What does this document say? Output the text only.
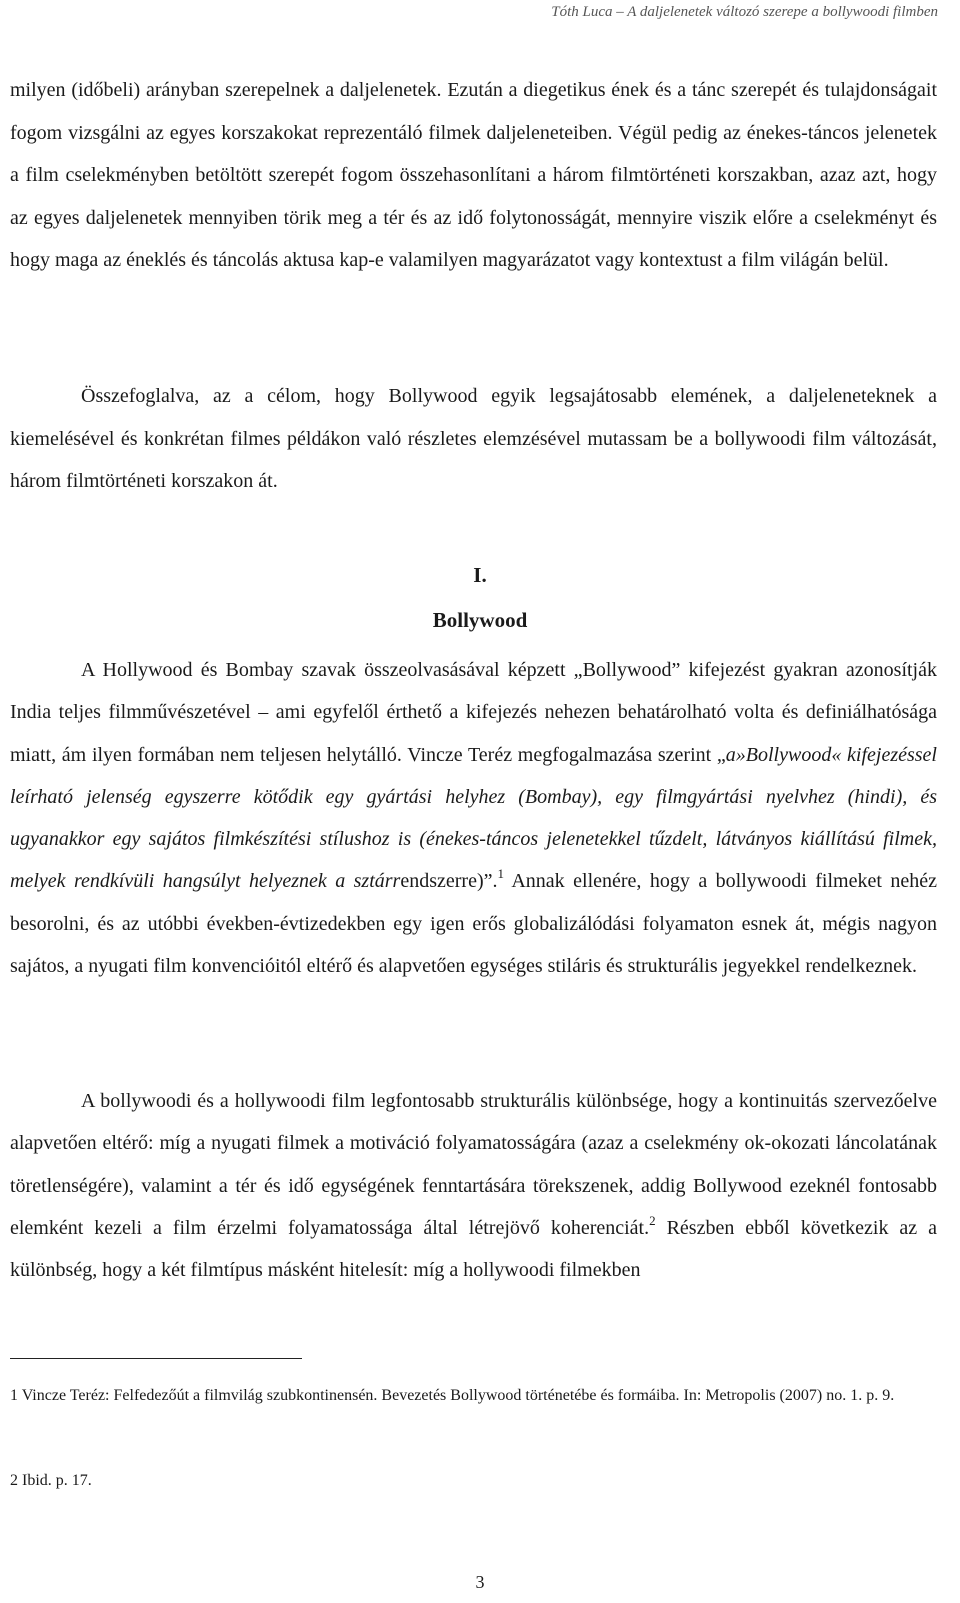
Tóth Luca – A daljelenetek változó szerepe a bollywoodi filmben

milyen (időbeli) arányban szerepelnek a daljelenetek. Ezután a diegetikus ének és a tánc szerepét és tulajdonságait fogom vizsgálni az egyes korszakokat reprezentáló filmek daljeleneteiben. Végül pedig az énekes-táncos jelenetek a film cselekményben betöltött szerepét fogom összehasonlítani a három filmtörténeti korszakban, azaz azt, hogy az egyes daljelenetek mennyiben törik meg a tér és az idő folytonosságát, mennyire viszik előre a cselekményt és hogy maga az éneklés és táncolás aktusa kap-e valamilyen magyarázatot vagy kontextust a film világán belül.

Összefoglalva, az a célom, hogy Bollywood egyik legsajátosabb elemének, a daljeleneteknek a kiemelésével és konkrétan filmes példákon való részletes elemzésével mutassam be a bollywoodi film változását, három filmtörténeti korszakon át.

I.
Bollywood

A Hollywood és Bombay szavak összeolvasásával képzett „Bollywood” kifejezést gyakran azonosítják India teljes filmművészetével – ami egyfelől érthető a kifejezés nehezen behatárolható volta és definiálhatósága miatt, ám ilyen formában nem teljesen helytálló. Vincze Teréz megfogalmazása szerint „a»Bollywood« kifejezéssel leírható jelenség egyszerre kötődik egy gyártási helyhez (Bombay), egy filmgyártási nyelvhez (hindi), és ugyanakkor egy sajátos filmkészítési stílushoz is (énekes-táncos jelenetekkel tűzdelt, látványos kiállítású filmek, melyek rendkívüli hangsúlyt helyeznek a sztárrendszerre)”.$^1$ Annak ellenére, hogy a bollywoodi filmeket nehéz besorolni, és az utóbbi években-évtizedekben egy igen erős globalizálódási folyamaton esnek át, mégis nagyon sajátos, a nyugati film konvencióitól eltérő és alapvetően egységes stiláris és strukturális jegyekkel rendelkeznek.

A bollywoodi és a hollywoodi film legfontosabb strukturális különbsége, hogy a kontinuitás szervezőelve alapvetően eltérő: míg a nyugati filmek a motiváció folyamatosságára (azaz a cselekmény ok-okozati láncolatának töretlenségére), valamint a tér és idő egységének fenntartására törekszenek, addig Bollywood ezeknél fontosabb elemként kezeli a film érzelmi folyamatossága által létrejövő koherenciát.$^2$ Részben ebből következik az a különbség, hogy a két filmtípus másként hitelesít: míg a hollywoodi filmekben

1 Vincze Teréz: Felfedezőút a filmvilág szubkontinensén. Bevezetés Bollywood történetébe és formáiba. In: Metropolis (2007) no. 1. p. 9.
2 Ibid. p. 17.
3
